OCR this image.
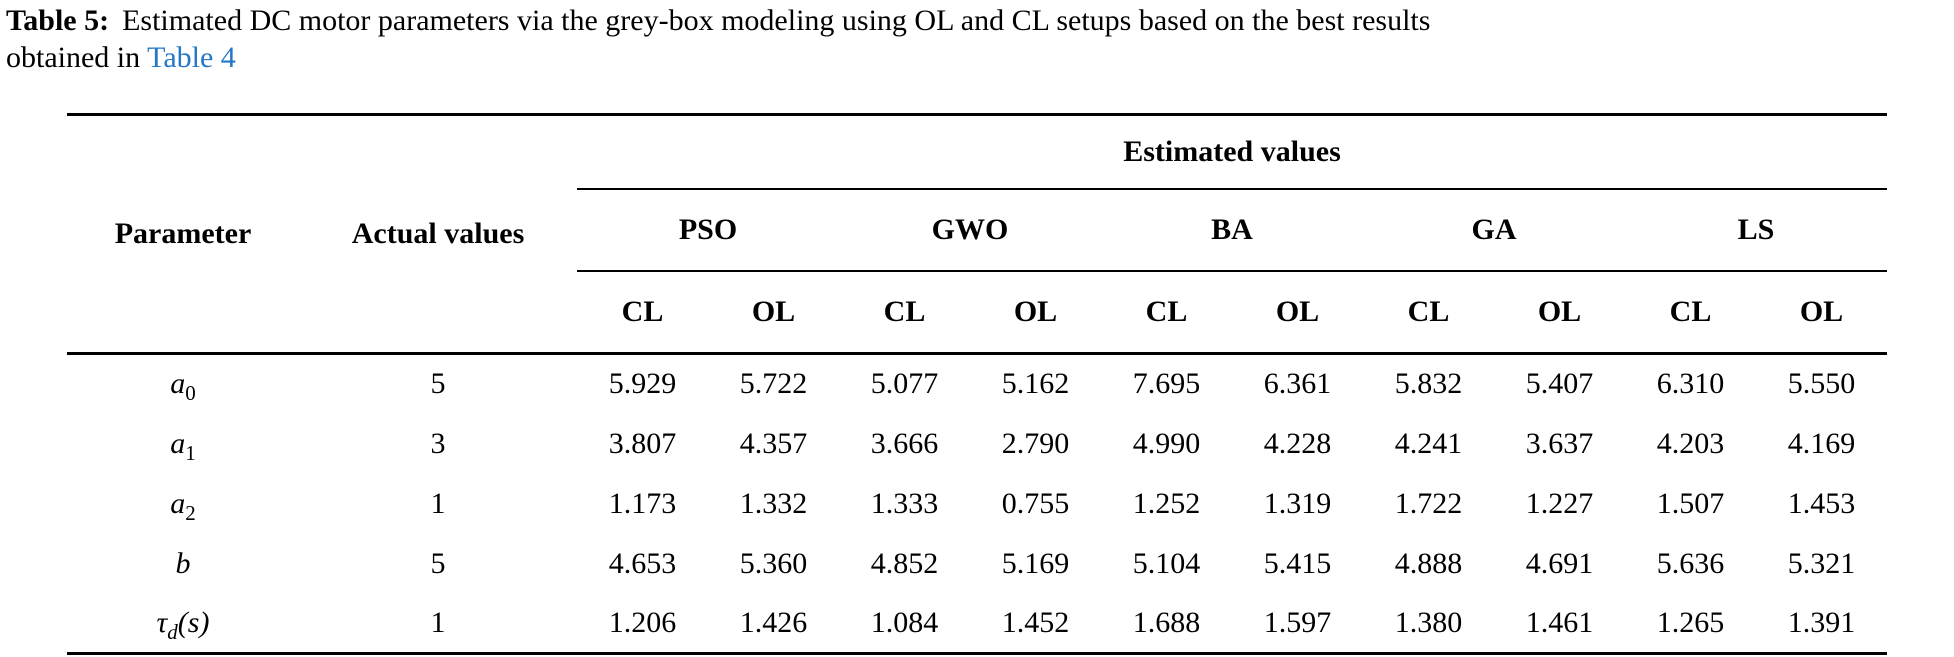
Table 5: Estimated DC motor parameters via the grey-box modeling using OL and CL setups based on the best results
obtained in Table 4
Parameter	Actual values	Estimated values									
		PSO		GWO		BA		GA		LS	
		CL	OL	CL	OL	CL	OL	CL	OL	CL	OL
$a_0$	5	5.929	5.722	5.077	5.162	7.695	6.361	5.832	5.407	6.310	5.550
$a_1$	3	3.807	4.357	3.666	2.790	4.990	4.228	4.241	3.637	4.203	4.169
$a_2$	1	1.173	1.332	1.333	0.755	1.252	1.319	1.722	1.227	1.507	1.453
b	5	4.653	5.360	4.852	5.169	5.104	5.415	4.888	4.691	5.636	5.321
$\tau_d(s)$	1	1.206	1.426	1.084	1.452	1.688	1.597	1.380	1.461	1.265	1.391
